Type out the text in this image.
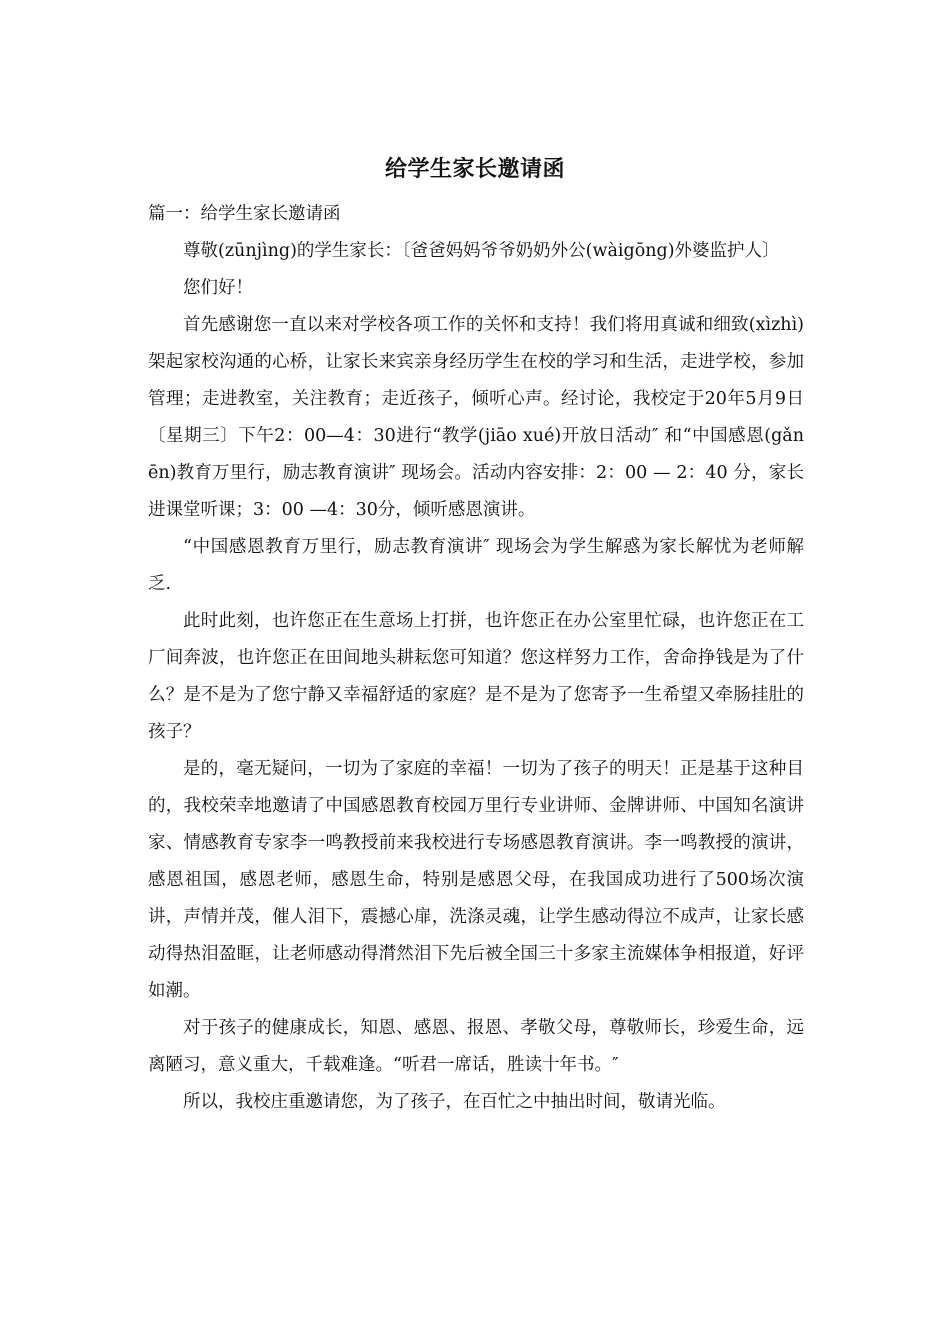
给学生家长邀请函

篇一：给学生家长邀请函

尊敬(zūnjìng)的学生家长：〔爸爸妈妈爷爷奶奶外公(wàigōng)外婆监护人〕

您们好！

首先感谢您一直以来对学校各项工作的关怀和支持！我们将用真诚和细致(xìzhì)架起家校沟通的心桥，让家长来宾亲身经历学生在校的学习和生活，走进学校，参加管理；走进教室，关注教育；走近孩子，倾听心声。经讨论，我校定于20年5月9日〔星期三〕下午2：00—4：30进行“教学(jiāo xué)开放日活动″ 和“中国感恩(gǎn ēn)教育万里行，励志教育演讲″ 现场会。活动内容安排：2：00 — 2：40 分，家长进课堂听课；3：00 —4：30分，倾听感恩演讲。

“中国感恩教育万里行，励志教育演讲″ 现场会为学生解惑为家长解忧为老师解乏.

此时此刻，也许您正在生意场上打拼，也许您正在办公室里忙碌，也许您正在工厂间奔波，也许您正在田间地头耕耘您可知道？您这样努力工作，舍命挣钱是为了什么？是不是为了您宁静又幸福舒适的家庭？是不是为了您寄予一生希望又牵肠挂肚的孩子？

是的，毫无疑问，一切为了家庭的幸福！一切为了孩子的明天！正是基于这种目的，我校荣幸地邀请了中国感恩教育校园万里行专业讲师、金牌讲师、中国知名演讲家、情感教育专家李一鸣教授前来我校进行专场感恩教育演讲。李一鸣教授的演讲，感恩祖国，感恩老师，感恩生命，特别是感恩父母，在我国成功进行了500场次演讲，声情并茂，催人泪下，震撼心扉，洗涤灵魂，让学生感动得泣不成声，让家长感动得热泪盈眶，让老师感动得潸然泪下先后被全国三十多家主流媒体争相报道，好评如潮。

对于孩子的健康成长，知恩、感恩、报恩、孝敬父母，尊敬师长，珍爱生命，远离陋习，意义重大，千载难逢。“听君一席话，胜读十年书。″

所以，我校庄重邀请您，为了孩子，在百忙之中抽出时间，敬请光临。
